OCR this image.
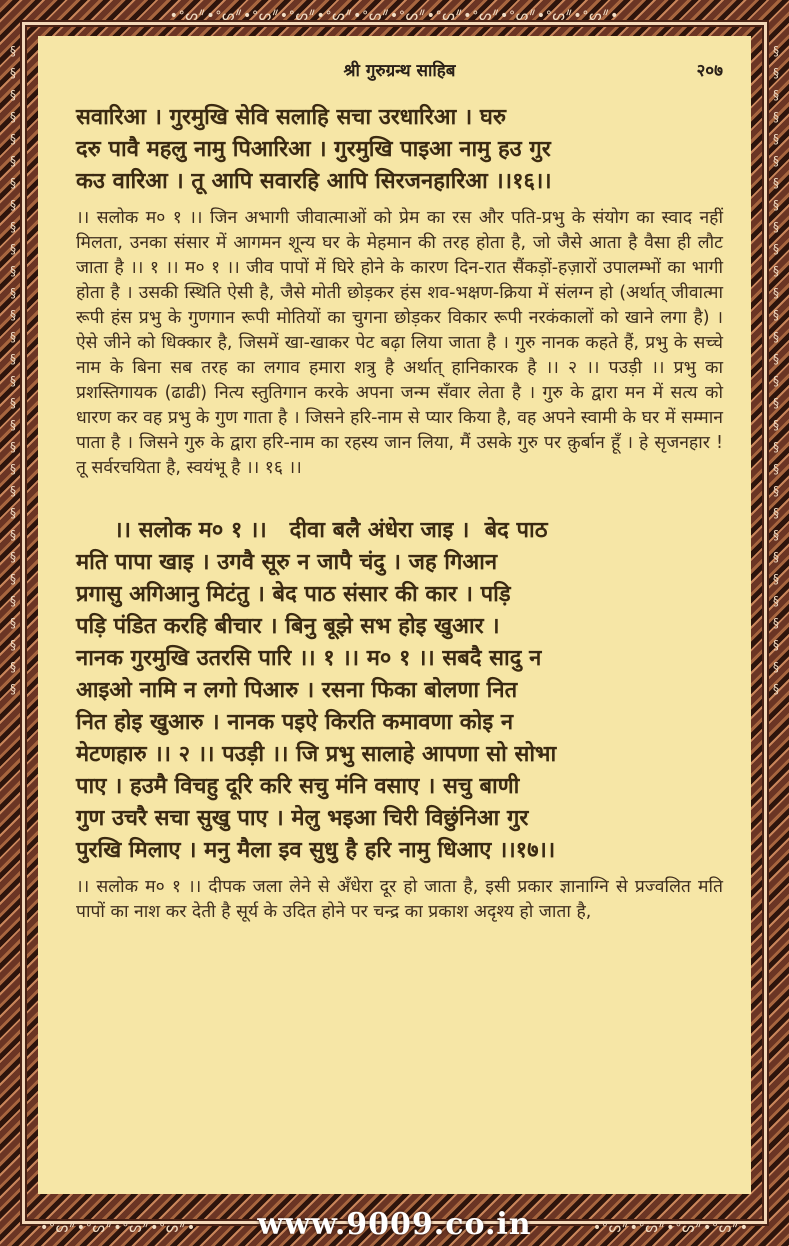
•ᐤᔕᐥ•ᐤᔕᐥ•ᐤᔕᐥ•ᐤᔕᐥ•ᐤᔕᐥ•ᐤᔕᐥ•ᐤᔕᐥ•ᐤᔕᐥ•ᐤᔕᐥ•ᐤᔕᐥ•ᐤᔕᐥ•ᐤᔕᐥ•
•ᐤᔕᐥ•ᐤᔕᐥ•ᐤᔕᐥ•ᐤᔕᐥ•	•ᐤᔕᐥ•ᐤᔕᐥ•ᐤᔕᐥ•ᐤᔕᐥ•
§
§
§
§
§
§
§
§
§
§
§
§
§
§
§
§
§
§
§
§
§
§
§
§
§
§
§
§
§
§
§
§
§
§
§
§
§
§
§
§
§
§
§
§
§
§
§
§
§
§
§
§
§
§
§
§
§
§
§
§
श्री गुरुग्रन्थ साहिब	२०७

सवारिआ । गुरमुखि सेवि सलाहि सचा उरधारिआ । घरु

दरु पावै महलु नामु पिआरिआ । गुरमुखि पाइआ नामु हउ गुर

कउ वारिआ । तू आपि सवारहि आपि सिरजनहारिआ ।।१६।।

।। सलोक म० १ ।। जिन अभागी जीवात्माओं को प्रेम का रस और पति-प्रभु के संयोग का स्वाद नहीं मिलता, उनका संसार में आगमन शून्य घर के मेहमान की तरह होता है, जो जैसे आता है वैसा ही लौट जाता है ।। १ ।। म० १ ।। जीव पापों में घिरे होने के कारण दिन-रात सैंकड़ों-हज़ारों उपालम्भों का भागी होता है । उसकी स्थिति ऐसी है, जैसे मोती छोड़कर हंस शव-भक्षण-क्रिया में संलग्न हो (अर्थात् जीवात्मा रूपी हंस प्रभु के गुणगान रूपी मोतियों का चुगना छोड़कर विकार रूपी नरकंकालों को खाने लगा है) । ऐसे जीने को धिक्कार है, जिसमें खा-खाकर पेट बढ़ा लिया जाता है । गुरु नानक कहते हैं, प्रभु के सच्चे नाम के बिना सब तरह का लगाव हमारा शत्रु है अर्थात् हानिकारक है ।। २ ।। पउड़ी ।। प्रभु का प्रशस्तिगायक (ढाढी) नित्य स्तुतिगान करके अपना जन्म सँवार लेता है । गुरु के द्वारा मन में सत्य को धारण कर वह प्रभु के गुण गाता है । जिसने हरि-नाम से प्यार किया है, वह अपने स्वामी के घर में सम्मान पाता है । जिसने गुरु के द्वारा हरि-नाम का रहस्य जान लिया, मैं उसके गुरु पर क़ुर्बान हूँ । हे सृजनहार ! तू सर्वरचयिता है, स्वयंभू है ।। १६ ।।

।। सलोक म० १ ।।   दीवा बलै अंधेरा जाइ ।  बेद पाठ

मति पापा खाइ । उगवै सूरु न जापै चंदु । जह गिआन

प्रगासु अगिआनु मिटंतु । बेद पाठ संसार की कार । पड़ि

पड़ि पंडित करहि बीचार । बिनु बूझे सभ होइ खुआर ।

नानक गुरमुखि उतरसि पारि ।। १ ।। म० १ ।। सबदै सादु न

आइओ नामि न लगो पिआरु । रसना फिका बोलणा नित

नित होइ खुआरु । नानक पइऐ किरति कमावणा कोइ न

मेटणहारु ।। २ ।। पउड़ी ।। जि प्रभु सालाहे आपणा सो सोभा

पाए । हउमै विचहु दूरि करि सचु मंनि वसाए । सचु बाणी

गुण उचरै सचा सुखु पाए । मेलु भइआ चिरी विछुंनिआ गुर

पुरखि मिलाए । मनु मैला इव सुधु है हरि नामु धिआए ।।१७।।

।। सलोक म० १ ।। दीपक जला लेने से अँधेरा दूर हो जाता है, इसी प्रकार ज्ञानाग्नि से प्रज्वलित मति पापों का नाश कर देती है सूर्य के उदित होने पर चन्द्र का प्रकाश अदृश्य हो जाता है,

www.9009.co.in
